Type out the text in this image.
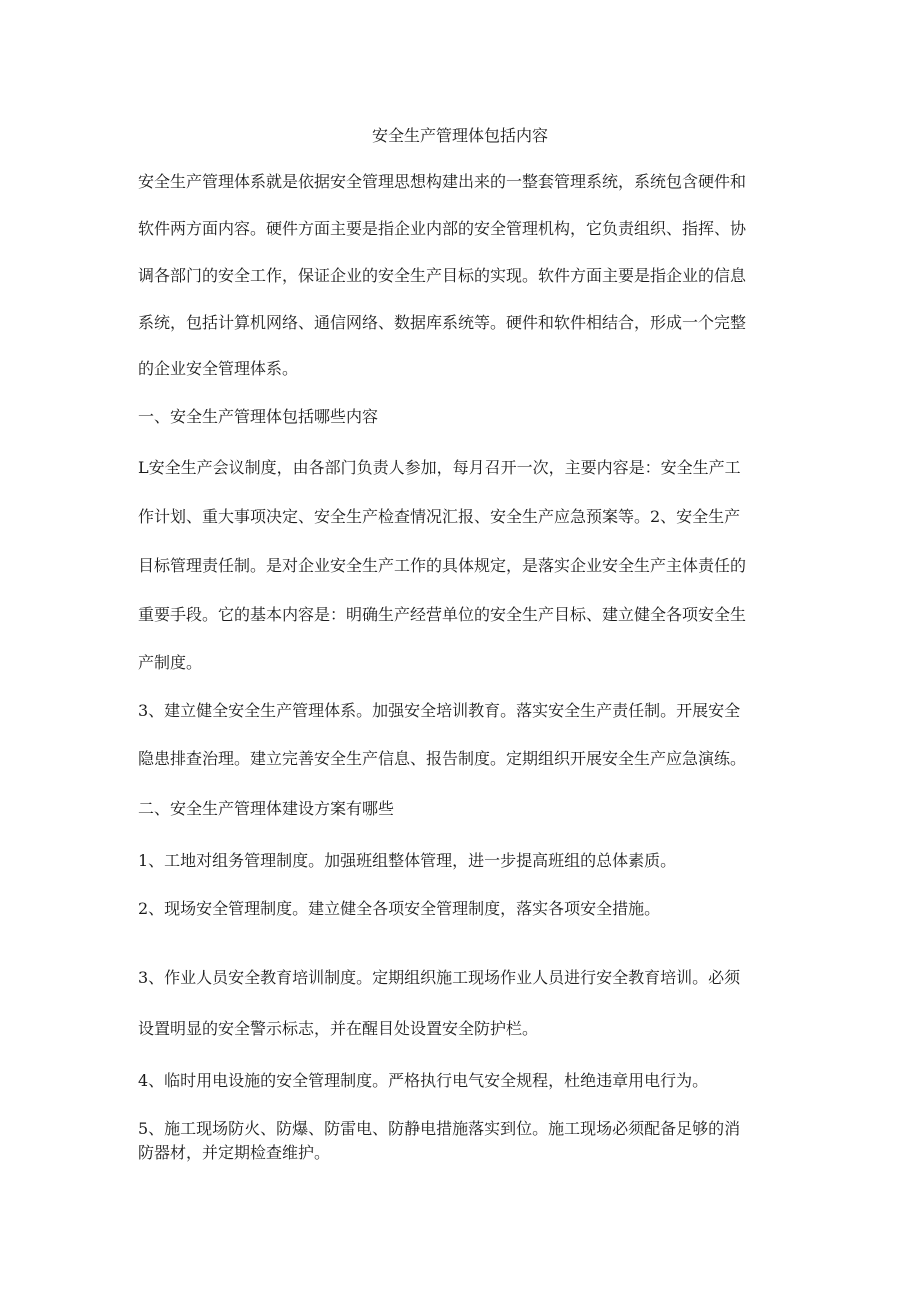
安全生产管理体包括内容
安全生产管理体系就是依据安全管理思想构建出来的一整套管理系统，系统包含硬件和
软件两方面内容。硬件方面主要是指企业内部的安全管理机构，它负责组织、指挥、协
调各部门的安全工作，保证企业的安全生产目标的实现。软件方面主要是指企业的信息
系统，包括计算机网络、通信网络、数据库系统等。硬件和软件相结合，形成一个完整
的企业安全管理体系。
一、安全生产管理体包括哪些内容
L安全生产会议制度，由各部门负责人参加，每月召开一次，主要内容是：安全生产工
作计划、重大事项决定、安全生产检查情况汇报、安全生产应急预案等。2、安全生产
目标管理责任制。是对企业安全生产工作的具体规定，是落实企业安全生产主体责任的
重要手段。它的基本内容是：明确生产经营单位的安全生产目标、建立健全各项安全生
产制度。
3、建立健全安全生产管理体系。加强安全培训教育。落实安全生产责任制。开展安全
隐患排查治理。建立完善安全生产信息、报告制度。定期组织开展安全生产应急演练。
二、安全生产管理体建设方案有哪些
1、工地对组务管理制度。加强班组整体管理，进一步提高班组的总体素质。
2、现场安全管理制度。建立健全各项安全管理制度，落实各项安全措施。
3、作业人员安全教育培训制度。定期组织施工现场作业人员进行安全教育培训。必须
设置明显的安全警示标志，并在醒目处设置安全防护栏。
4、临时用电设施的安全管理制度。严格执行电气安全规程，杜绝违章用电行为。
5、施工现场防火、防爆、防雷电、防静电措施落实到位。施工现场必须配备足够的消
防器材，并定期检查维护。
